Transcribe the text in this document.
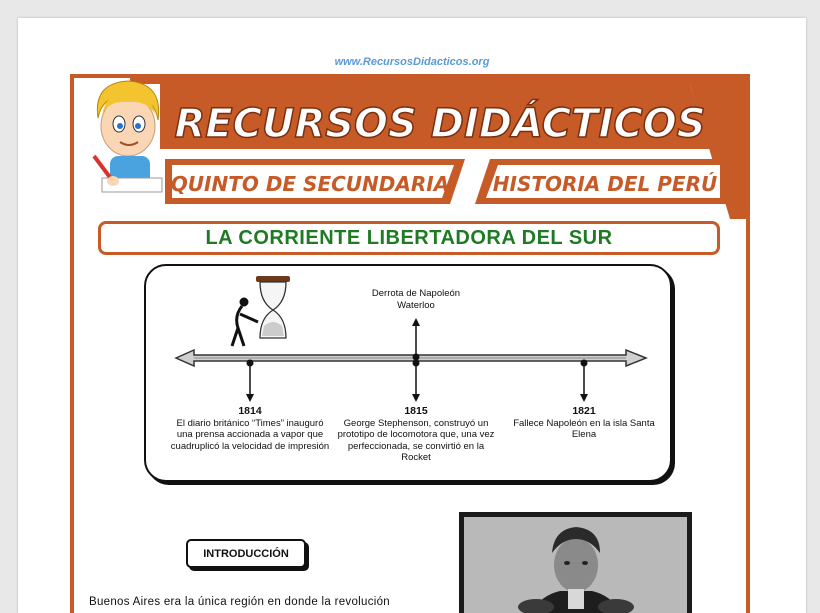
www.RecursosDidacticos.org
RECURSOS DIDÁCTICOS
QUINTO DE SECUNDARIA HISTORIA DEL PERÚ
LA CORRIENTE LIBERTADORA DEL SUR
Derrota de Napoleón
Waterloo
1814
El diario británico “Times” inauguró una prensa accionada a vapor que cuadruplicó la velocidad de impresión
1815
George Stephenson, construyó un prototipo de locomotora que, una vez perfeccionada, se convirtió en la Rocket
1821
Fallece Napoleón en la isla Santa Elena
INTRODUCCIÓN
Buenos Aires era la única región en donde la revolución
